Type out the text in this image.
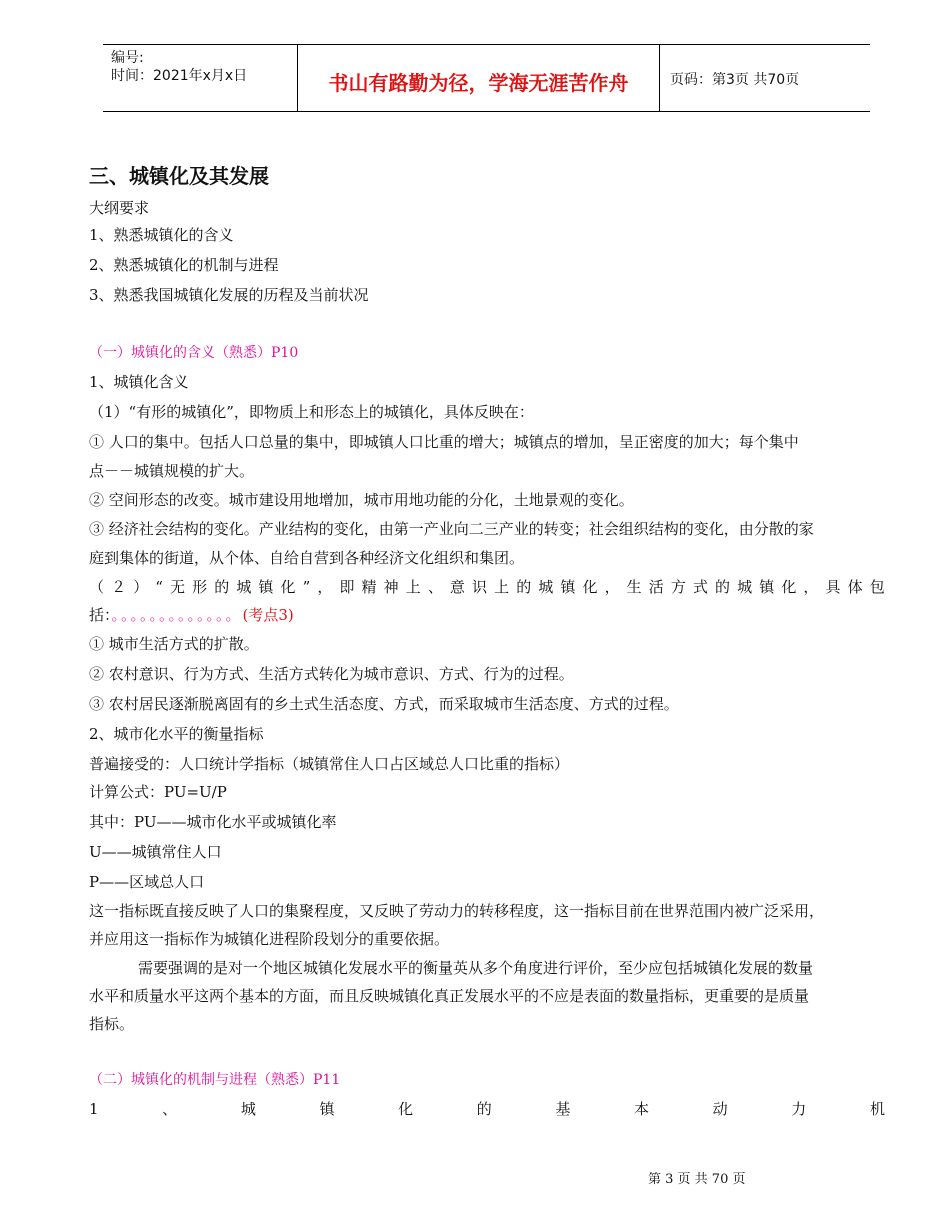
编号:
时间：2021年x月x日	书山有路勤为径，学海无涯苦作舟	页码：第3页 共70页
三、城镇化及其发展
大纲要求
1、熟悉城镇化的含义
2、熟悉城镇化的机制与进程
3、熟悉我国城镇化发展的历程及当前状况
（一）城镇化的含义（熟悉）P10
1、城镇化含义
（1）“有形的城镇化”，即物质上和形态上的城镇化，具体反映在：
① 人口的集中。包括人口总量的集中，即城镇人口比重的增大；城镇点的增加，呈正密度的加大；每个集中
点－－城镇规模的扩大。
② 空间形态的改变。城市建设用地增加，城市用地功能的分化，土地景观的变化。
③ 经济社会结构的变化。产业结构的变化，由第一产业向二三产业的转变；社会组织结构的变化，由分散的家
庭到集体的街道，从个体、自给自营到各种经济文化组织和集团。
（ ２ ） “ 无 形 的 城 镇 化 ” ， 即 精 神 上 、 意 识 上 的 城 镇 化 ， 生 活 方 式 的 城 镇 化 ， 具 体 包
括：。。。。。。。。。。。。。(考点3)
① 城市生活方式的扩散。
② 农村意识、行为方式、生活方式转化为城市意识、方式、行为的过程。
③ 农村居民逐渐脱离固有的乡土式生活态度、方式，而采取城市生活态度、方式的过程。
2、城市化水平的衡量指标
普遍接受的：人口统计学指标（城镇常住人口占区域总人口比重的指标）
计算公式：PU=U/P
其中：PU——城市化水平或城镇化率
U——城镇常住人口
P——区域总人口
这一指标既直接反映了人口的集聚程度，又反映了劳动力的转移程度，这一指标目前在世界范围内被广泛采用，
并应用这一指标作为城镇化进程阶段划分的重要依据。
需要强调的是对一个地区城镇化发展水平的衡量英从多个角度进行评价，至少应包括城镇化发展的数量
水平和质量水平这两个基本的方面，而且反映城镇化真正发展水平的不应是表面的数量指标，更重要的是质量
指标。
（二）城镇化的机制与进程（熟悉）P11
1	、	城	镇	化	的	基	本	动	力	机
第 3 页 共 70 页
